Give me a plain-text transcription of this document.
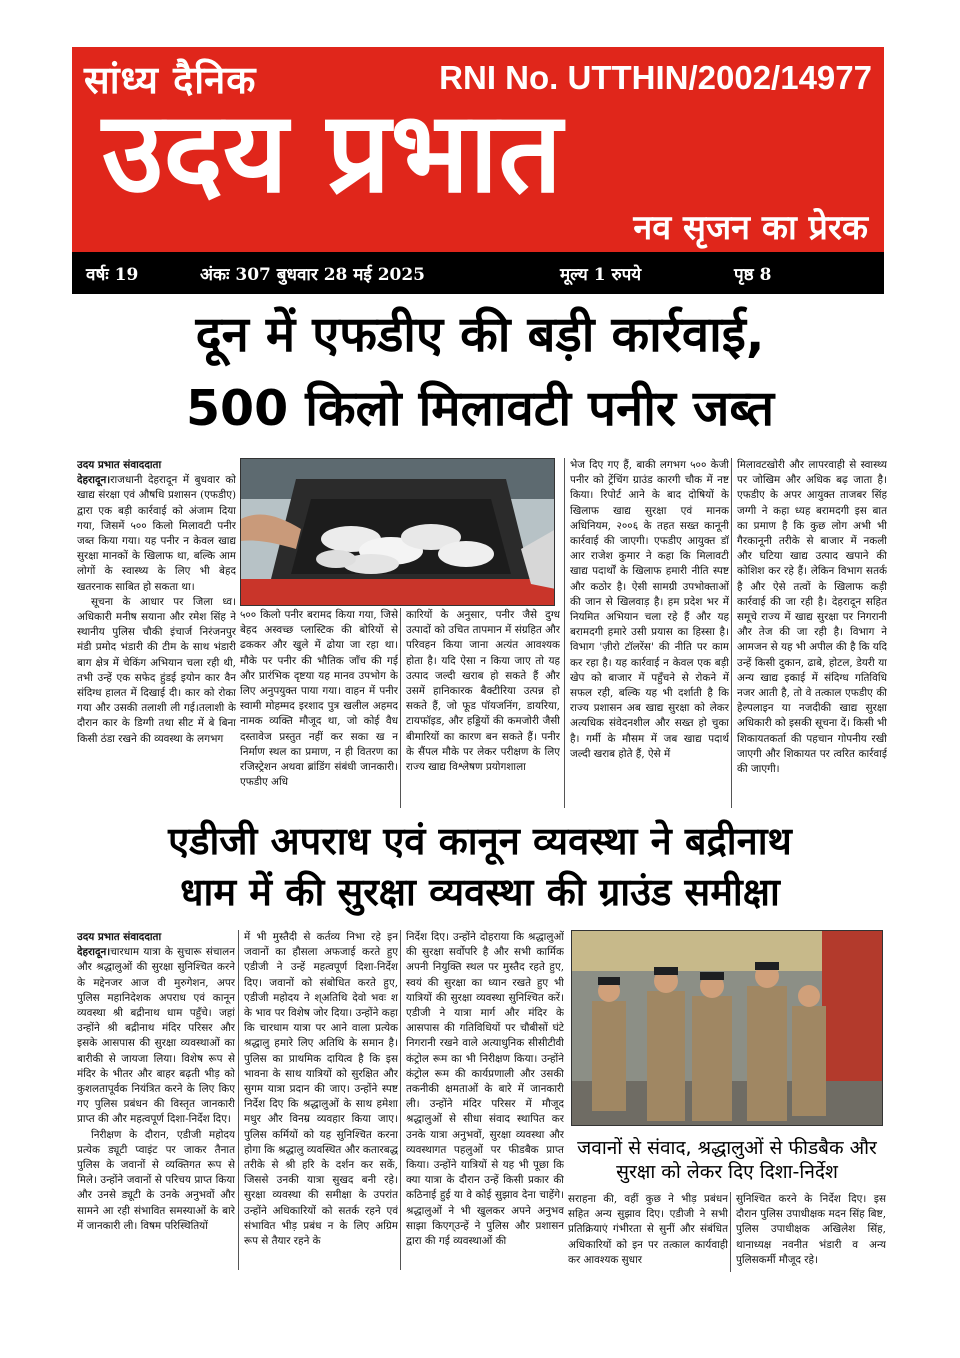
सांध्य दैनिक	RNI No. UTTHIN/2002/14977
उदय प्रभात
नव सृजन का प्रेरक
वर्षः 19	अंकः 307 बुधवार 28 मई 2025	मूल्य 1 रुपये	पृष्ठ 8
दून में एफडीए की बड़ी कार्रवाई,
500 किलो मिलावटी पनीर जब्त

उदय प्रभात संवाददाता

देहरादून।राजधानी देहरादून में बुधवार को खाद्य संरक्षा एवं औषधि प्रशासन (एफडीए) द्वारा एक बड़ी कार्रवाई को अंजाम दिया गया, जिसमें ५०० किलो मिलावटी पनीर जब्त किया गया। यह पनीर न केवल खाद्य सुरक्षा मानकों के खिलाफ था, बल्कि आम लोगों के स्वास्थ्य के लिए भी बेहद खतरनाक साबित हो सकता था।

सूचना के आधार पर जिला ध्व। अधिकारी मनीष सयाना और रमेश सिंह ने स्थानीय पुलिस चौकी इंचार्ज निरंजनपुर मंडी प्रमोद भंडारी की टीम के साथ भंडारी बाग क्षेत्र में चेकिंग अभियान चला रही थी, तभी उन्हें एक सफेद हुंडई इयोन कार वैन संदिग्ध हालत में दिखाई दी। कार को रोका गया और उसकी तलाशी ली गई।तलाशी के दौरान कार के डिग्गी तथा सीट में बे बिना किसी ठंडा रखने की व्यवस्था के लगभग

५०० किलो पनीर बरामद किया गया, जिसे बेहद अस्वच्छ प्लास्टिक की बोरियों से ढककर और खुले में ढोया जा रहा था। मौके पर पनीर की भौतिक जाँच की गई और प्रारंभिक दृष्टया यह मानव उपभोग के लिए अनुपयुक्त पाया गया। वाहन में पनीर स्वामी मोहम्मद इरशाद पुत्र खलील अहमद नामक व्यक्ति मौजूद था, जो कोई वैध दस्तावेज प्रस्तुत नहीं कर सका ख न निर्माण स्थल का प्रमाण, न ही वितरण का रजिस्ट्रेशन अथवा ब्रांडिंग संबंधी जानकारी। एफडीए अधि

कारियों के अनुसार, पनीर जैसे दुग्ध उत्पादों को उचित तापमान में संग्रहित और परिवहन किया जाना अत्यंत आवश्यक होता है। यदि ऐसा न किया जाए तो यह उत्पाद जल्दी खराब हो सकते हैं और उसमें हानिकारक बैक्टीरिया उत्पन्न हो सकते हैं, जो फूड पॉयजनिंग, डायरिया, टायफॉइड, और हड्डियों की कमजोरी जैसी बीमारियों का कारण बन सकते हैं। पनीर के सैंपल मौके पर लेकर परीक्षण के लिए राज्य खाद्य विश्लेषण प्रयोगशाला

भेज दिए गए हैं, बाकी लगभग ५०० केजी पनीर को ट्रेंचिंग ग्राउंड कारगी चौक में नष्ट किया। रिपोर्ट आने के बाद दोषियों के खिलाफ खाद्य सुरक्षा एवं मानक अधिनियम, २००६ के तहत सख्त कानूनी कार्रवाई की जाएगी। एफडीए आयुक्त डॉ आर राजेश कुमार ने कहा कि मिलावटी खाद्य पदार्थों के खिलाफ हमारी नीति स्पष्ट और कठोर है। ऐसी सामग्री उपभोक्ताओं की जान से खिलवाड़ है। हम प्रदेश भर में नियमित अभियान चला रहे हैं और यह बरामदगी हमारे उसी प्रयास का हिस्सा है। विभाग 'ज़ीरो टॉलरेंस' की नीति पर काम कर रहा है। यह कार्रवाई न केवल एक बड़ी खेप को बाजार में पहुँचने से रोकने में सफल रही, बल्कि यह भी दर्शाती है कि राज्य प्रशासन अब खाद्य सुरक्षा को लेकर अत्यधिक संवेदनशील और सख्त हो चुका है। गर्मी के मौसम में जब खाद्य पदार्थ जल्दी खराब होते हैं, ऐसे में

मिलावटखोरी और लापरवाही से स्वास्थ्य पर जोखिम और अधिक बढ़ जाता है। एफडीए के अपर आयुक्त ताजबर सिंह जग्गी ने कहा ध्यह बरामदगी इस बात का प्रमाण है कि कुछ लोग अभी भी गैरकानूनी तरीके से बाजार में नकली और घटिया खाद्य उत्पाद खपाने की कोशिश कर रहे हैं। लेकिन विभाग सतर्क है और ऐसे तत्वों के खिलाफ कड़ी कार्रवाई की जा रही है। देहरादून सहित समूचे राज्य में खाद्य सुरक्षा पर निगरानी और तेज की जा रही है। विभाग ने आमजन से यह भी अपील की है कि यदि उन्हें किसी दुकान, ढाबे, होटल, डेयरी या अन्य खाद्य इकाई में संदिग्ध गतिविधि नजर आती है, तो वे तत्काल एफडीए की हेल्पलाइन या नजदीकी खाद्य सुरक्षा अधिकारी को इसकी सूचना दें। किसी भी शिकायतकर्ता की पहचान गोपनीय रखी जाएगी और शिकायत पर त्वरित कार्रवाई की जाएगी।

एडीजी अपराध एवं कानून व्यवस्था ने बद्रीनाथ
धाम में की सुरक्षा व्यवस्था की ग्राउंड समीक्षा

उदय प्रभात संवाददाता

देहरादून।चारधाम यात्रा के सुचारू संचालन और श्रद्धालुओं की सुरक्षा सुनिश्चित करने के मद्देनजर आज वी मुरुगेशन, अपर पुलिस महानिदेशक अपराध एवं कानून व्यवस्था श्री बद्रीनाथ धाम पहुँचे। जहां उन्होंने श्री बद्रीनाथ मंदिर परिसर और इसके आसपास की सुरक्षा व्यवस्थाओं का बारीकी से जायजा लिया। विशेष रूप से मंदिर के भीतर और बाहर बढ़ती भीड़ को कुशलतापूर्वक नियंत्रित करने के लिए किए गए पुलिस प्रबंधन की विस्तृत जानकारी प्राप्त की और महत्वपूर्ण दिशा-निर्देश दिए।

निरीक्षण के दौरान, एडीजी महोदय प्रत्येक ड्यूटी प्वाइंट पर जाकर तैनात पुलिस के जवानों से व्यक्तिगत रूप से मिले। उन्होंने जवानों से परिचय प्राप्त किया और उनसे ड्यूटी के उनके अनुभवों और सामने आ रही संभावित समस्याओं के बारे में जानकारी ली। विषम परिस्थितियों

में भी मुस्तैदी से कर्तव्य निभा रहे इन जवानों का हौसला अफजाई करते हुए एडीजी ने उन्हें महत्वपूर्ण दिशा-निर्देश दिए। जवानों को संबोधित करते हुए, एडीजी महोदय ने श्अतिथि देवो भवः श के भाव पर विशेष जोर दिया। उन्होंने कहा कि चारधाम यात्रा पर आने वाला प्रत्येक श्रद्धालु हमारे लिए अतिथि के समान है। पुलिस का प्राथमिक दायित्व है कि इस भावना के साथ यात्रियों को सुरक्षित और सुगम यात्रा प्रदान की जाए। उन्होंने स्पष्ट निर्देश दिए कि श्रद्धालुओं के साथ हमेशा मधुर और विनम्र व्यवहार किया जाए। पुलिस कर्मियों को यह सुनिश्चित करना होगा कि श्रद्धालु व्यवस्थित और कतारबद्ध तरीके से श्री हरि के दर्शन कर सकें, जिससे उनकी यात्रा सुखद बनी रहे। सुरक्षा व्यवस्था की समीक्षा के उपरांत उन्होंने अधिकारियों को सतर्क रहने एवं संभावित भीड़ प्रबंध न के लिए अग्रिम रूप से तैयार रहने के

निर्देश दिए। उन्होंने दोहराया कि श्रद्धालुओं की सुरक्षा सर्वोपरि है और सभी कार्मिक अपनी नियुक्ति स्थल पर मुस्तैद रहते हुए, स्वयं की सुरक्षा का ध्यान रखते हुए भी यात्रियों की सुरक्षा व्यवस्था सुनिश्चित करें। एडीजी ने यात्रा मार्ग और मंदिर के आसपास की गतिविधियों पर चौबीसों घंटे निगरानी रखने वाले अत्याधुनिक सीसीटीवी कंट्रोल रूम का भी निरीक्षण किया। उन्होंने कंट्रोल रूम की कार्यप्रणाली और उसकी तकनीकी क्षमताओं के बारे में जानकारी ली। उन्होंने मंदिर परिसर में मौजूद श्रद्धालुओं से सीधा संवाद स्थापित कर उनके यात्रा अनुभवों, सुरक्षा व्यवस्था और व्यवस्थागत पहलुओं पर फीडबैक प्राप्त किया। उन्होंने यात्रियों से यह भी पूछा कि क्या यात्रा के दौरान उन्हें किसी प्रकार की कठिनाई हुई या वे कोई सुझाव देना चाहेंगे। श्रद्धालुओं ने भी खुलकर अपने अनुभव साझा किएग्उन्हें ने पुलिस और प्रशासन द्वारा की गई व्यवस्थाओं की

जवानों से संवाद, श्रद्धालुओं से फीडबैक और सुरक्षा को लेकर दिए दिशा-निर्देश

सराहना की, वहीं कुछ ने भीड़ प्रबंधन सहित अन्य सुझाव दिए। एडीजी ने सभी प्रतिक्रियाएं गंभीरता से सुनीं और संबंधित अधिकारियों को इन पर तत्काल कार्यवाही कर आवश्यक सुधार

सुनिश्चित करने के निर्देश दिए। इस दौरान पुलिस उपाधीक्षक मदन सिंह बिष्ट, पुलिस उपाधीक्षक अखिलेश सिंह, थानाध्यक्ष नवनीत भंडारी व अन्य पुलिसकर्मी मौजूद रहे।
